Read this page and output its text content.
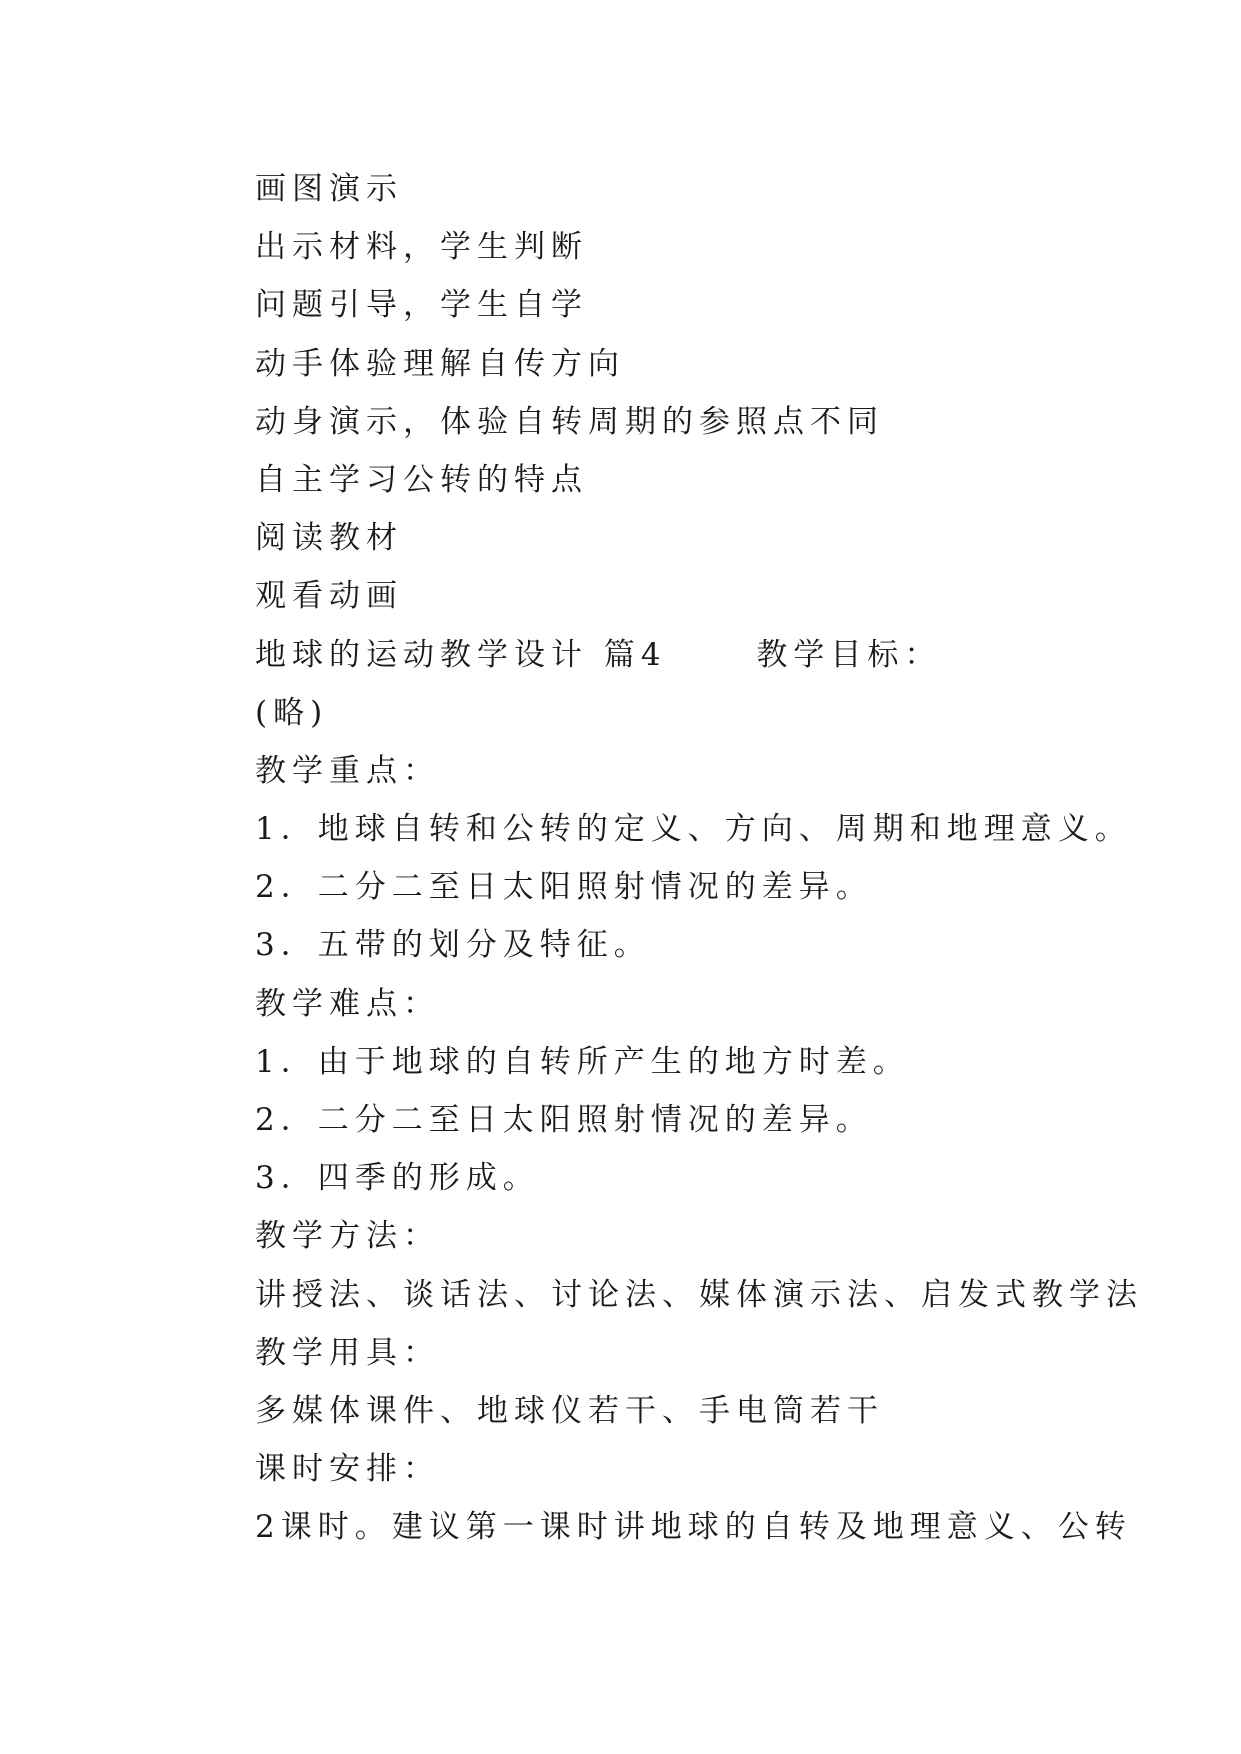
画图演示
出示材料，学生判断
问题引导，学生自学
动手体验理解自传方向
动身演示，体验自转周期的参照点不同
自主学习公转的特点
阅读教材
观看动画
地球的运动教学设计 篇4 　　教学目标：
(略)
教学重点：
1．地球自转和公转的定义、方向、周期和地理意义。
2．二分二至日太阳照射情况的差异。
3．五带的划分及特征。
教学难点：
1．由于地球的自转所产生的地方时差。
2．二分二至日太阳照射情况的差异。
3．四季的形成。
教学方法：
讲授法、谈话法、讨论法、媒体演示法、启发式教学法
教学用具：
多媒体课件、地球仪若干、手电筒若干
课时安排：
2课时。建议第一课时讲地球的自转及地理意义、公转
